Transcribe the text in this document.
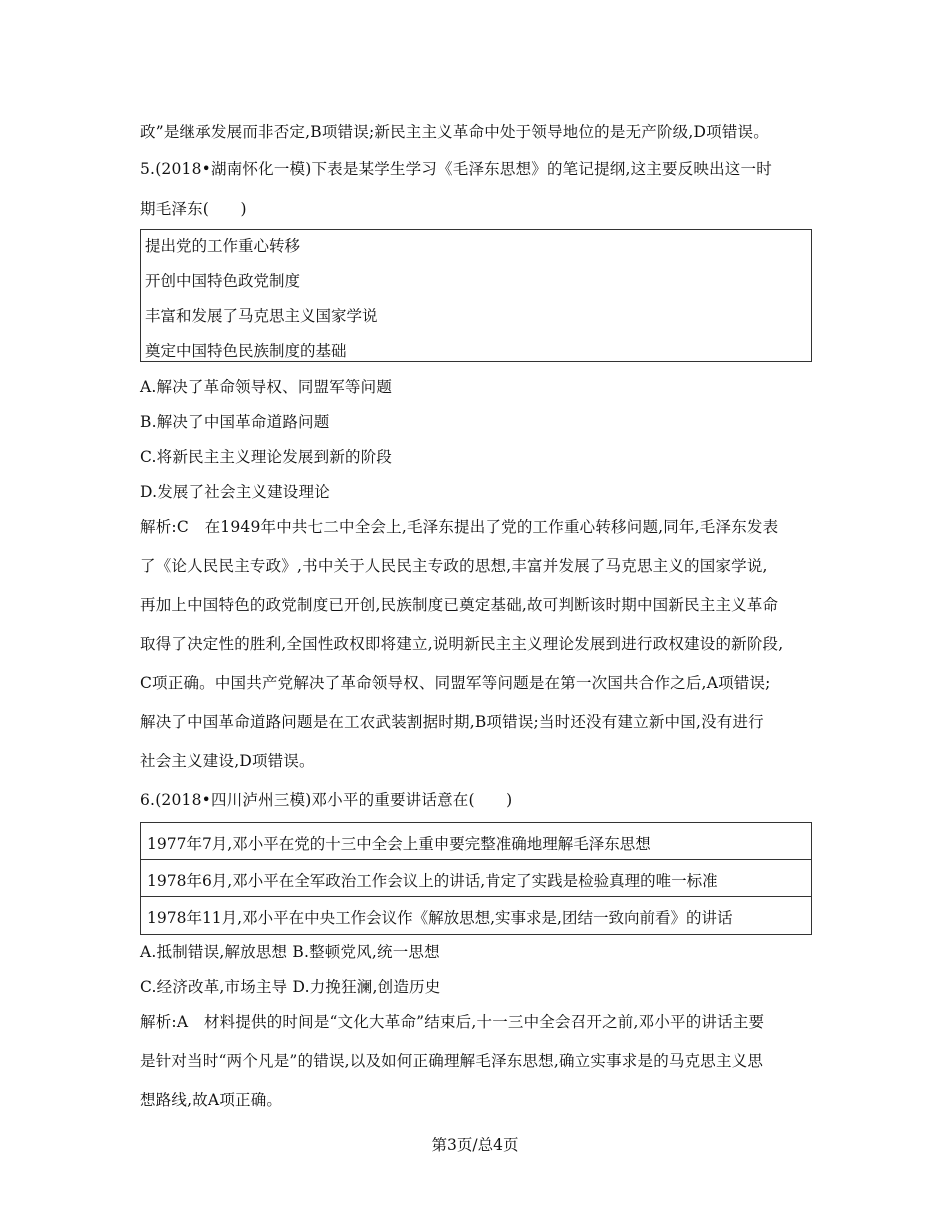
政”是继承发展而非否定,B项错误;新民主主义革命中处于领导地位的是无产阶级,D项错误。
5.(2018•湖南怀化一模)下表是某学生学习《毛泽东思想》的笔记提纲,这主要反映出这一时
期毛泽东(　　)
提出党的工作重心转移
开创中国特色政党制度
丰富和发展了马克思主义国家学说
奠定中国特色民族制度的基础
A.解决了革命领导权、同盟军等问题
B.解决了中国革命道路问题
C.将新民主主义理论发展到新的阶段
D.发展了社会主义建设理论
解析:C　在1949年中共七二中全会上,毛泽东提出了党的工作重心转移问题,同年,毛泽东发表
了《论人民民主专政》,书中关于人民民主专政的思想,丰富并发展了马克思主义的国家学说,
再加上中国特色的政党制度已开创,民族制度已奠定基础,故可判断该时期中国新民主主义革命
取得了决定性的胜利,全国性政权即将建立,说明新民主主义理论发展到进行政权建设的新阶段,
C项正确。中国共产党解决了革命领导权、同盟军等问题是在第一次国共合作之后,A项错误;
解决了中国革命道路问题是在工农武装割据时期,B项错误;当时还没有建立新中国,没有进行
社会主义建设,D项错误。
6.(2018•四川泸州三模)邓小平的重要讲话意在(　　)
1977年7月,邓小平在党的十三中全会上重申要完整准确地理解毛泽东思想
1978年6月,邓小平在全军政治工作会议上的讲话,肯定了实践是检验真理的唯一标准
1978年11月,邓小平在中央工作会议作《解放思想,实事求是,团结一致向前看》的讲话
A.抵制错误,解放思想 B.整顿党风,统一思想
C.经济改革,市场主导 D.力挽狂澜,创造历史
解析:A　材料提供的时间是“文化大革命”结束后,十一三中全会召开之前,邓小平的讲话主要
是针对当时“两个凡是”的错误,以及如何正确理解毛泽东思想,确立实事求是的马克思主义思
想路线,故A项正确。
第3页/总4页
